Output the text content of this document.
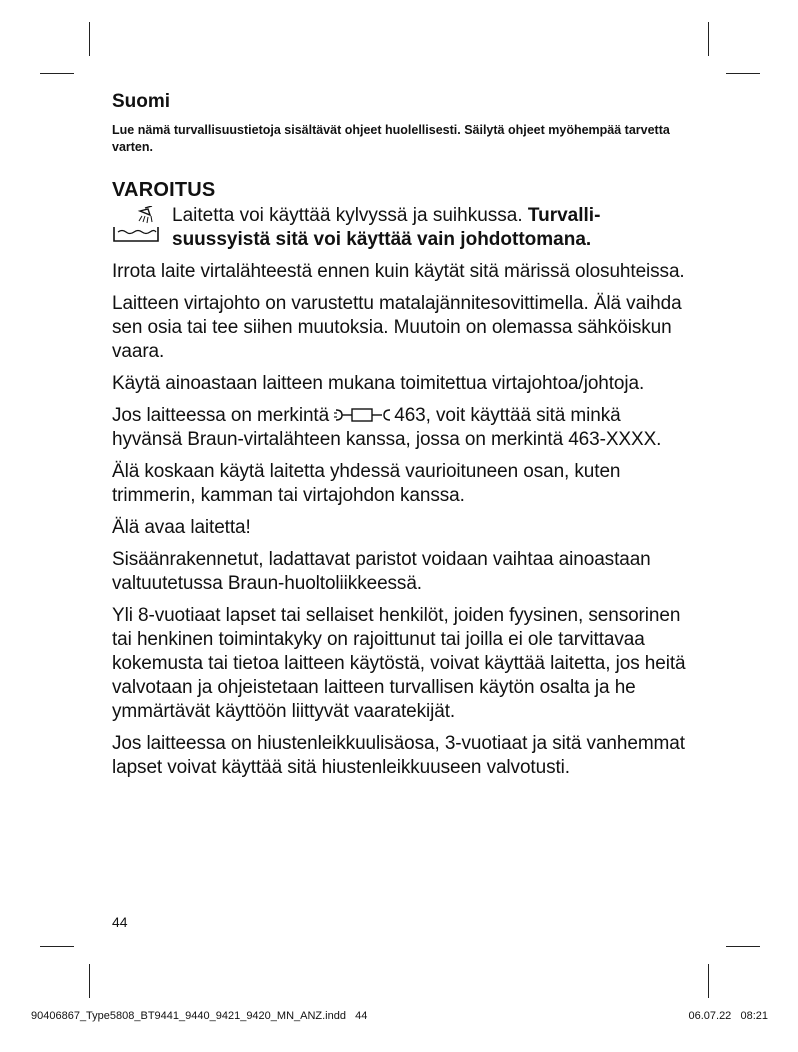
Suomi

Lue nämä turvallisuustietoja sisältävät ohjeet huolellisesti. Säilytä ohjeet myöhempää tarvetta varten.

VAROITUS

Laitetta voi käyttää kylvyssä ja suihkussa. Turvallisuussyistä sitä voi käyttää vain johdottomana.

Irrota laite virtalähteestä ennen kuin käytät sitä märissä olosuhteissa.

Laitteen virtajohto on varustettu matalajännitesovittimella. Älä vaihda sen osia tai tee siihen muutoksia. Muutoin on olemassa sähköiskun vaara.

Käytä ainoastaan laitteen mukana toimitettua virtajohtoa/johtoja.

Jos laitteessa on merkintä	463, voit käyttää sitä minkä hyvänsä Braun-virtalähteen kanssa, jossa on merkintä 463-XXXX.

Älä koskaan käytä laitetta yhdessä vaurioituneen osan, kuten trimmerin, kamman tai virtajohdon kanssa.

Älä avaa laitetta!

Sisäänrakennetut, ladattavat paristot voidaan vaihtaa ainoastaan valtuutetussa Braun-huoltoliikkeessä.

Yli 8-vuotiaat lapset tai sellaiset henkilöt, joiden fyysinen, sensorinen tai henkinen toimintakyky on rajoittunut tai joilla ei ole tarvittavaa kokemusta tai tietoa laitteen käytöstä, voivat käyttää laitetta, jos heitä valvotaan ja ohjeistetaan laitteen turvallisen käytön osalta ja he ymmärtävät käyttöön liittyvät vaaratekijät.

Jos laitteessa on hiustenleikkuulisäosa, 3-vuotiaat ja sitä vanhemmat lapset voivat käyttää sitä hiustenleikkuuseen valvotusti.

44
90406867_Type5808_BT9441_9440_9421_9420_MN_ANZ.indd   44	06.07.22   08:21
